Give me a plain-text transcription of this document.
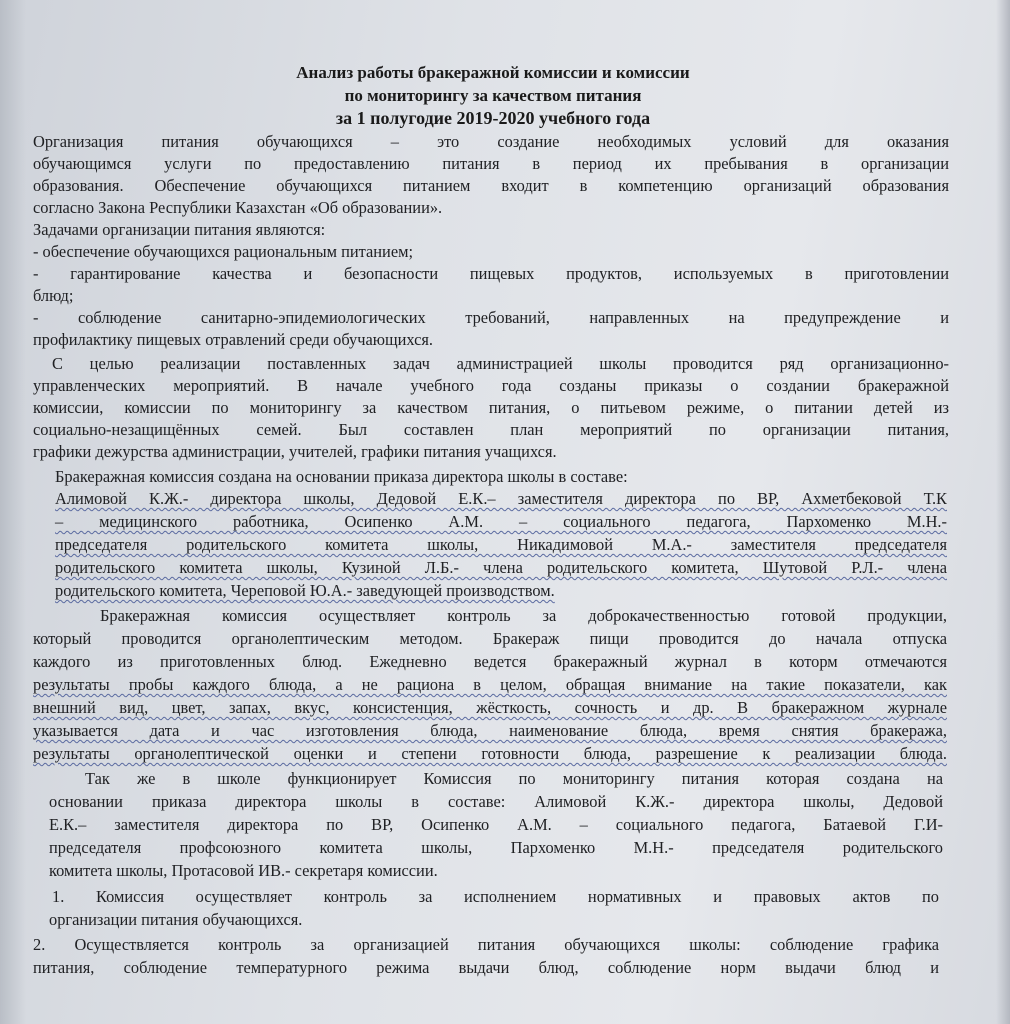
Анализ работы бракеражной комиссии и комиссии
по мониторингу за качеством питания
за 1 полугодие 2019-2020 учебного года
Организация питания обучающихся – это создание необходимых условий для оказания
обучающимся услуги по предоставлению питания в период их пребывания в организации
образования. Обеспечение обучающихся питанием входит в компетенцию организаций образования
согласно Закона Республики Казахстан «Об образовании».
Задачами организации питания являются:
- обеспечение обучающихся рациональным питанием;
- гарантирование качества и безопасности пищевых продуктов, используемых в приготовлении
блюд;
- соблюдение санитарно-эпидемиологических требований, направленных на предупреждение и
профилактику пищевых отравлений среди обучающихся.
С целью реализации поставленных задач администрацией школы проводится ряд организационно-
управленческих мероприятий. В начале учебного года созданы приказы о создании бракеражной
комиссии, комиссии по мониторингу за качеством питания, о питьевом режиме, о питании детей из
социально-незащищённых семей. Был составлен план мероприятий по организации питания,
графики дежурства администрации, учителей, графики питания учащихся.
Бракеражная комиссия создана на основании приказа директора школы в составе:
Алимовой К.Ж.- директора школы, Дедовой Е.К.– заместителя директора по ВР, Ахметбековой Т.К
– медицинского работника, Осипенко А.М. – социального педагога, Пархоменко М.Н.-
председателя родительского комитета школы, Никадимовой М.А.- заместителя председателя
родительского комитета школы, Кузиной Л.Б.- члена родительского комитета, Шутовой Р.Л.- члена
родительского комитета, Череповой Ю.А.- заведующей производством.
Бракеражная комиссия осуществляет контроль за доброкачественностью готовой продукции,
который проводится органолептическим методом. Бракераж пищи проводится до начала отпуска
каждого из приготовленных блюд. Ежедневно ведется бракеражный журнал в которм отмечаются
результаты пробы каждого блюда, а не рациона в целом, обращая внимание на такие показатели, как
внешний вид, цвет, запах, вкус, консистенция, жёсткость, сочность и др. В бракеражном журнале
указывается дата и час изготовления блюда, наименование блюда, время снятия бракеража,
результаты органолептической оценки и степени готовности блюда, разрешение к реализации блюда.
Так же в школе функционирует Комиссия по мониторингу питания которая создана на
основании приказа директора школы в составе: Алимовой К.Ж.- директора школы, Дедовой
Е.К.– заместителя директора по ВР, Осипенко А.М. – социального педагога, Батаевой Г.И-
председателя профсоюзного комитета школы, Пархоменко М.Н.- председателя родительского
комитета школы, Протасовой ИВ.- секретаря комиссии.
1. Комиссия осуществляет контроль за исполнением нормативных и правовых актов по
организации питания обучающихся.
2. Осуществляется контроль за организацией питания обучающихся школы: соблюдение графика
питания, соблюдение температурного режима выдачи блюд, соблюдение норм выдачи блюд и
